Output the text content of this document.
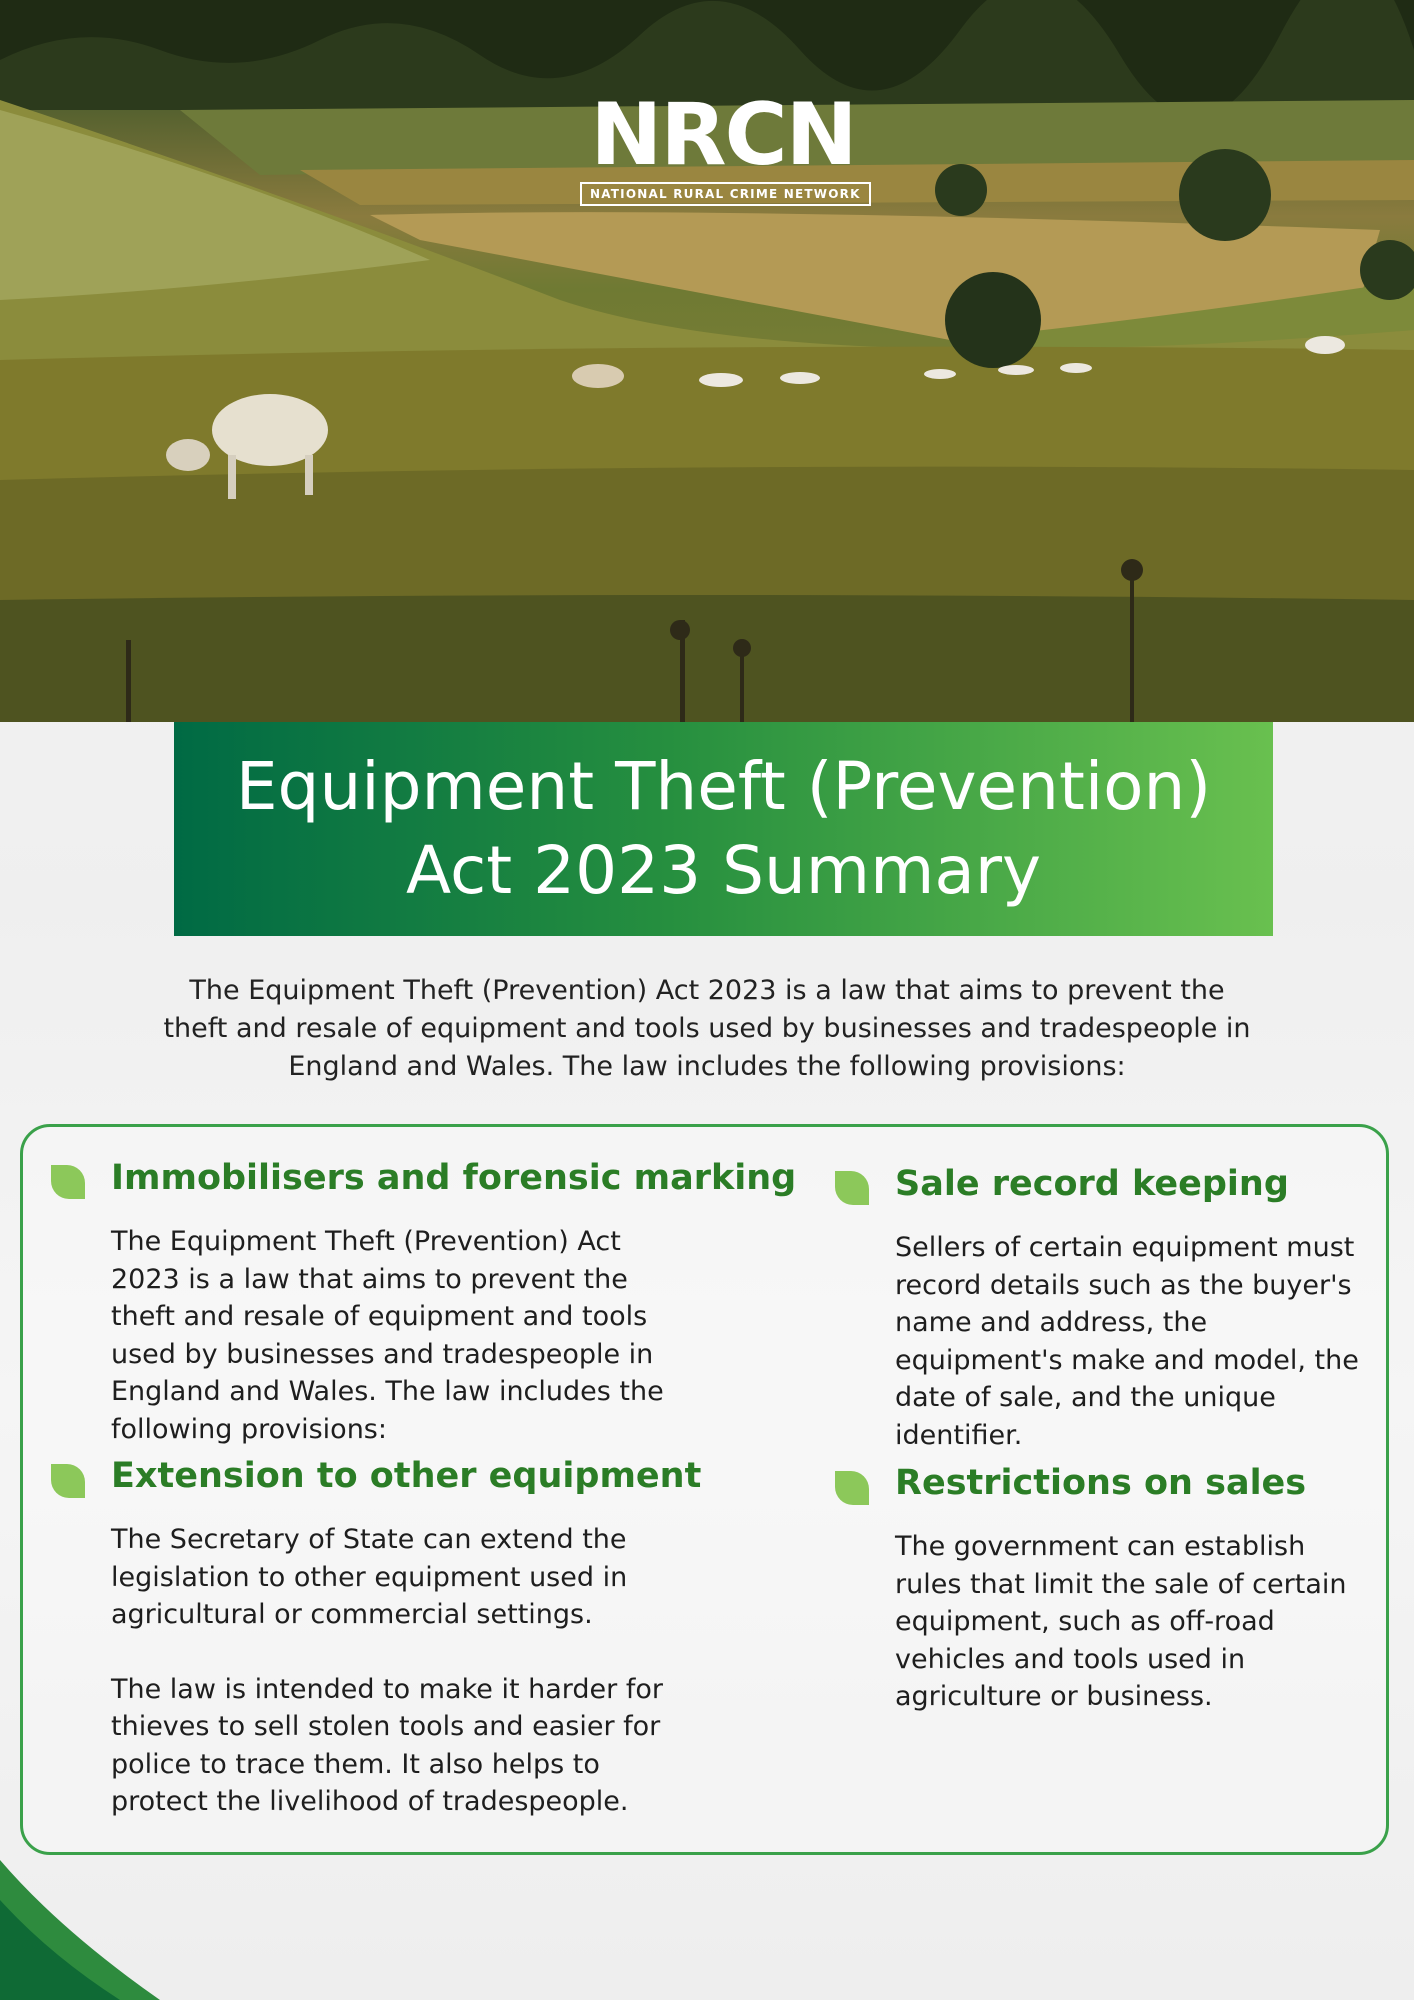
NRCN
NATIONAL RURAL CRIME NETWORK
Equipment Theft (Prevention)
Act 2023 Summary
The Equipment Theft (Prevention) Act 2023 is a law that aims to prevent the theft and resale of equipment and tools used by businesses and tradespeople in England and Wales. The law includes the following provisions:
Immobilisers and forensic marking

The Equipment Theft (Prevention) Act 2023 is a law that aims to prevent the theft and resale of equipment and tools used by businesses and tradespeople in England and Wales. The law includes the following provisions:

Extension to other equipment

The Secretary of State can extend the legislation to other equipment used in agricultural or commercial settings.

The law is intended to make it harder for thieves to sell stolen tools and easier for police to trace them. It also helps to protect the livelihood of tradespeople.

Sale record keeping

Sellers of certain equipment must record details such as the buyer's name and address, the equipment's make and model, the date of sale, and the unique identifier.

Restrictions on sales

The government can establish rules that limit the sale of certain equipment, such as off-road vehicles and tools used in agriculture or business.
